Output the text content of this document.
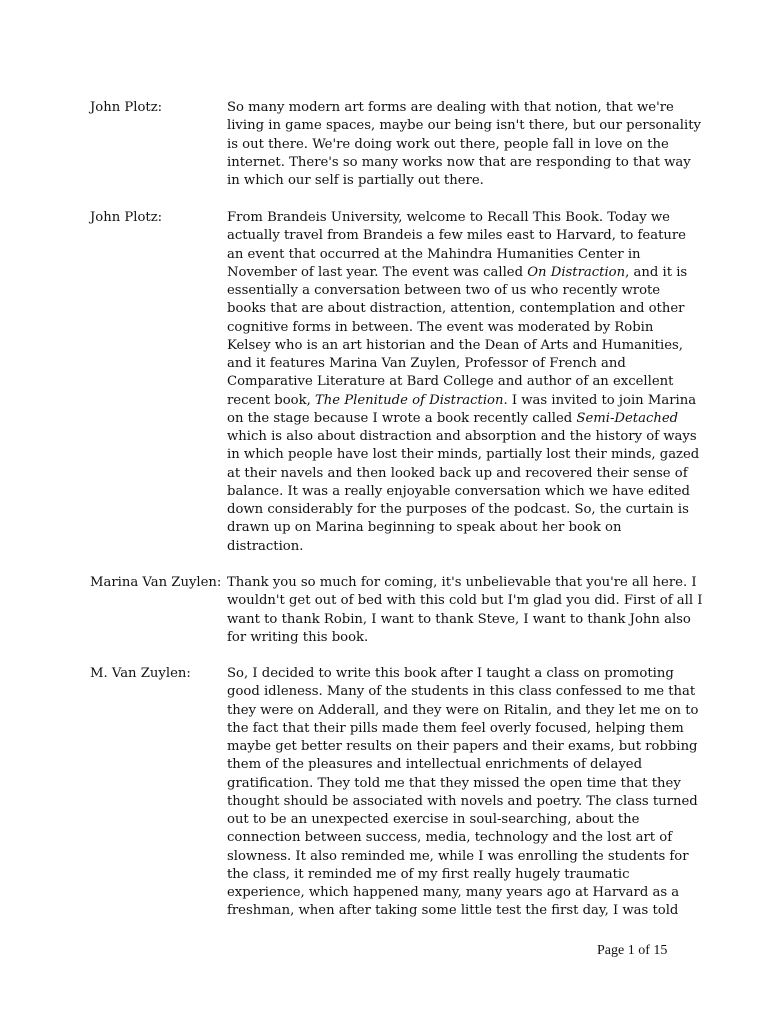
John Plotz:	So many modern art forms are dealing with that notion, that we're
living in game spaces, maybe our being isn't there, but our personality
is out there. We're doing work out there, people fall in love on the
internet. There's so many works now that are responding to that way
in which our self is partially out there.
John Plotz:	From Brandeis University, welcome to Recall This Book. Today we
actually travel from Brandeis a few miles east to Harvard, to feature
an event that occurred at the Mahindra Humanities Center in
November of last year. The event was called On Distraction, and it is
essentially a conversation between two of us who recently wrote
books that are about distraction, attention, contemplation and other
cognitive forms in between. The event was moderated by Robin
Kelsey who is an art historian and the Dean of Arts and Humanities,
and it features Marina Van Zuylen, Professor of French and
Comparative Literature at Bard College and author of an excellent
recent book, The Plenitude of Distraction. I was invited to join Marina
on the stage because I wrote a book recently called Semi-Detached
which is also about distraction and absorption and the history of ways
in which people have lost their minds, partially lost their minds, gazed
at their navels and then looked back up and recovered their sense of
balance. It was a really enjoyable conversation which we have edited
down considerably for the purposes of the podcast. So, the curtain is
drawn up on Marina beginning to speak about her book on
distraction.
Marina Van Zuylen: Thank you so much for coming, it's unbelievable that you're all here. I
wouldn't get out of bed with this cold but I'm glad you did. First of all I
want to thank Robin, I want to thank Steve, I want to thank John also
for writing this book.
M. Van Zuylen:	So, I decided to write this book after I taught a class on promoting
good idleness. Many of the students in this class confessed to me that
they were on Adderall, and they were on Ritalin, and they let me on to
the fact that their pills made them feel overly focused, helping them
maybe get better results on their papers and their exams, but robbing
them of the pleasures and intellectual enrichments of delayed
gratification. They told me that they missed the open time that they
thought should be associated with novels and poetry. The class turned
out to be an unexpected exercise in soul-searching, about the
connection between success, media, technology and the lost art of
slowness. It also reminded me, while I was enrolling the students for
the class, it reminded me of my first really hugely traumatic
experience, which happened many, many years ago at Harvard as a
freshman, when after taking some little test the first day, I was told
Page 1 of 15
